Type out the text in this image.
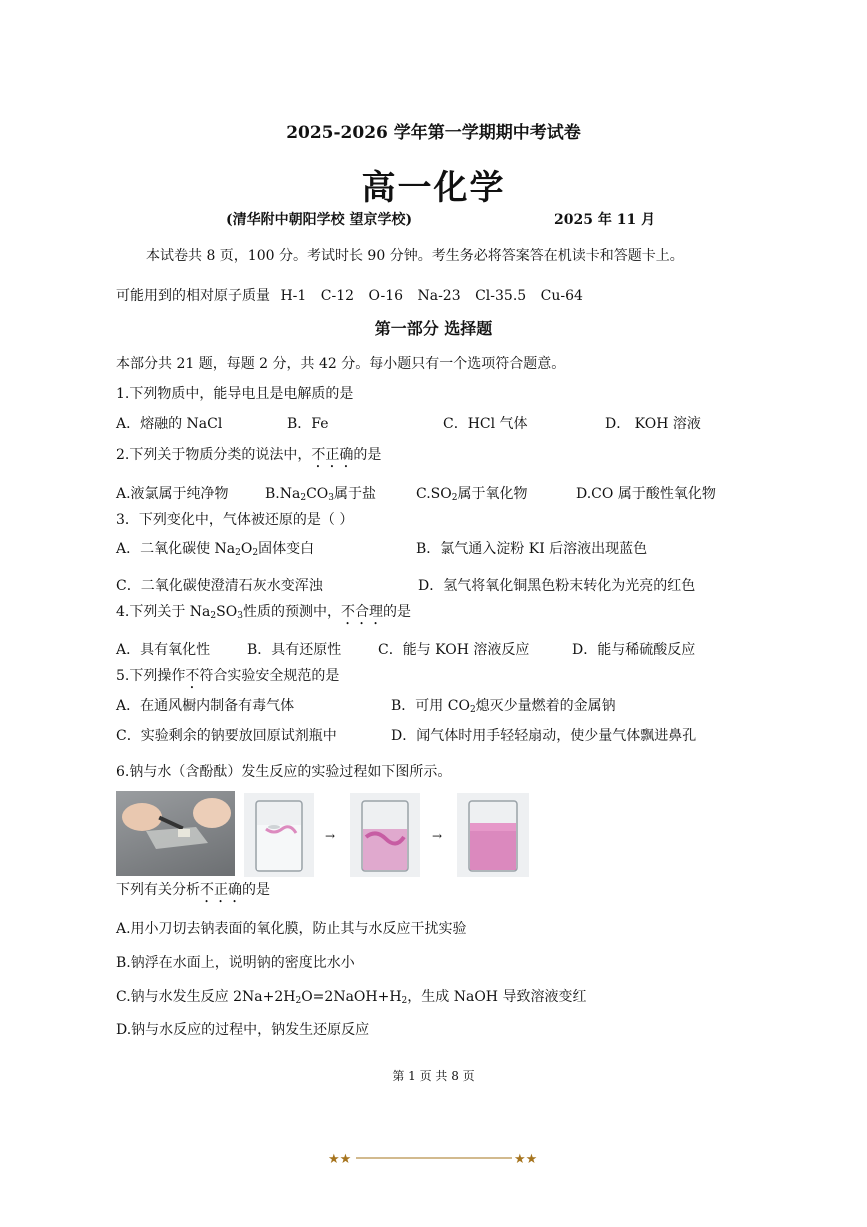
2025-2026 学年第一学期期中考试卷
高一化学
(清华附中朝阳学校 望京学校)	2025 年 11 月
本试卷共 8 页，100 分。考试时长 90 分钟。考生务必将答案答在机读卡和答题卡上。
可能用到的相对原子质量 H-1 C-12 O-16 Na-23 Cl-35.5 Cu-64
第一部分 选择题
本部分共 21 题，每题 2 分，共 42 分。每小题只有一个选项符合题意。
1.下列物质中，能导电且是电解质的是
A．熔融的 NaCl	B．Fe	C．HCl 气体	D． KOH 溶液
2.下列关于物质分类的说法中，不正确的是
A.液氯属于纯净物	$B.Na_2CO_3$属于盐	$C.SO_2$属于氧化物	D.CO 属于酸性氧化物
3．下列变化中，气体被还原的是（ ）
A．二氧化碳使 $Na_2O_2$固体变白	B．氯气通入淀粉 KI 后溶液出现蓝色
C．二氧化碳使澄清石灰水变浑浊	D．氢气将氧化铜黑色粉末转化为光亮的红色
4.下列关于 $Na_2SO_3$性质的预测中，不合理的是
A．具有氧化性	B．具有还原性	C．能与 KOH 溶液反应	D．能与稀硫酸反应
5.下列操作不符合实验安全规范的是
A．在通风橱内制备有毒气体	B．可用 $CO_2$熄灭少量燃着的金属钠
C．实验剩余的钠要放回原试剂瓶中	D．闻气体时用手轻轻扇动，使少量气体飘进鼻孔
6.钠与水（含酚酞）发生反应的实验过程如下图所示。
→	→
下列有关分析不正确的是
A.用小刀切去钠表面的氧化膜，防止其与水反应干扰实验
B.钠浮在水面上，说明钠的密度比水小
C.钠与水发生反应 $2Na+2H_2O=2NaOH+H_2$，生成 NaOH 导致溶液变红
D.钠与水反应的过程中，钠发生还原反应
第 1 页 共 8 页
★★	★★
